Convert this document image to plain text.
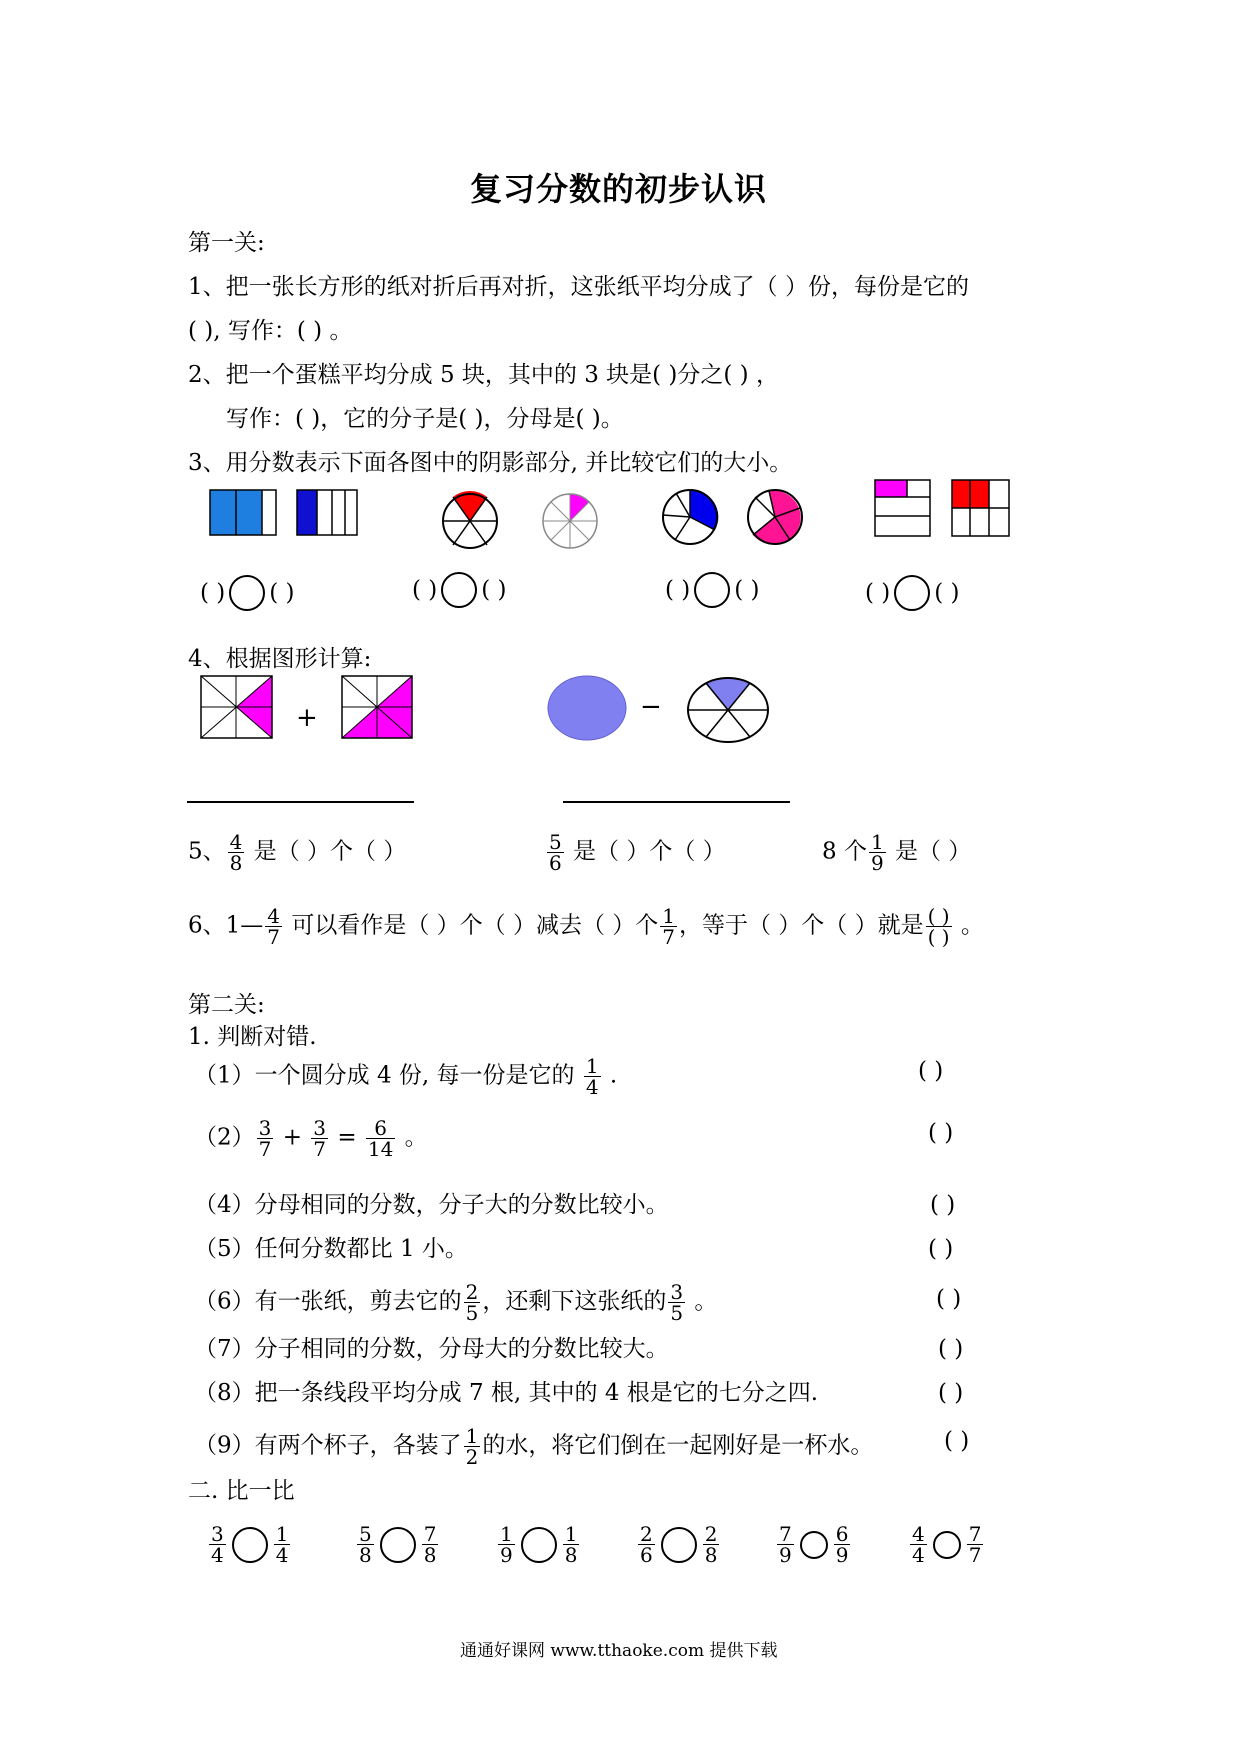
复习分数的初步认识
第一关:
1、把一张长方形的纸对折后再对折，这张纸平均分成了（ ）份，每份是它的
( ), 写作：( ) 。
2、把一个蛋糕平均分成 5 块，其中的 3 块是( )分之( ) ，
写作：( )，它的分子是( )，分母是( )。
3、用分数表示下面各图中的阴影部分, 并比较它们的大小。
( ) ( )	( ) ( )	( ) ( )	( ) ( )
4、根据图形计算:
+	−
5、 $\frac{4}{8}$ 是（ ）个（ ）	$\frac{5}{6}$ 是（ ）个（ ）	8 个 $\frac{1}{9}$ 是（ ）
6、1— $\frac{4}{7}$ 可以看作是（ ）个（ ）减去（ ）个 $\frac{1}{7}$ ，等于（ ）个（ ）就是 $\frac{( )}{( )}$ 。
第二关:
1. 判断对错.
（1）一个圆分成 4 份, 每一份是它的 $\frac{1}{4}$ .	( )
$(2) \frac{3}{7} + \frac{3}{7} = \frac{6}{14}$ 。	( )
（4）分母相同的分数，分子大的分数比较小。	( )
（5）任何分数都比 1 小。	( )
（6）有一张纸，剪去它的 $\frac{2}{5}$ ，还剩下这张纸的 $\frac{3}{5}$ 。	( )
（7）分子相同的分数，分母大的分数比较大。	( )
（8）把一条线段平均分成 7 根, 其中的 4 根是它的七分之四.	( )
（9）有两个杯子，各装了 $\frac{1}{2}$ 的水，将它们倒在一起刚好是一杯水。	( )
二. 比一比
$\frac{3}{4} \frac{1}{4}$	$\frac{5}{8} \frac{7}{8}$	$\frac{1}{9} \frac{1}{8}$	$\frac{2}{6} \frac{2}{8}$	$\frac{7}{9} \frac{6}{9}$	$\frac{4}{4} \frac{7}{7}$
通通好课网 www.tthaoke.com 提供下载
